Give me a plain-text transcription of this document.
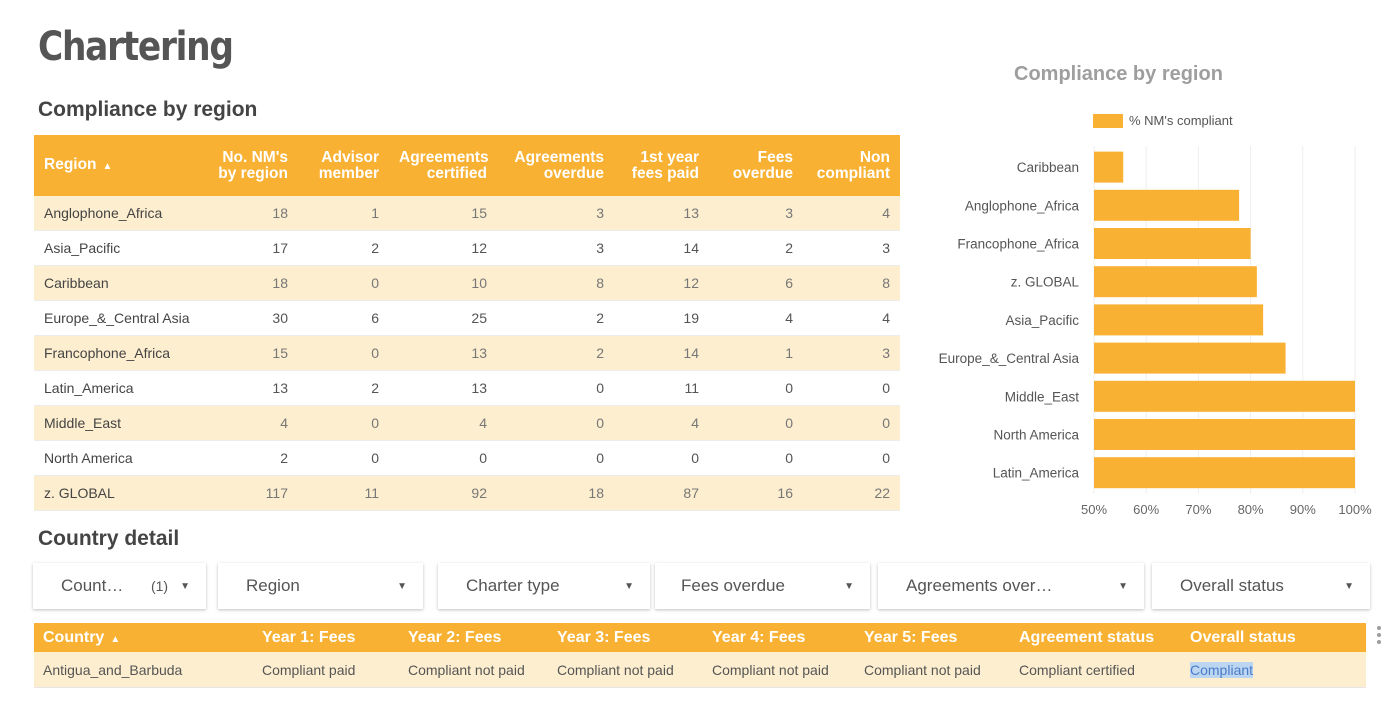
Chartering
Compliance by region
Region ▲	No. NM's by region	Advisor member	Agreements certified	Agreements overdue	1st year fees paid	Fees overdue	Non compliant
Anglophone_Africa	18	1	15	3	13	3	4
Asia_Pacific	17	2	12	3	14	2	3
Caribbean	18	0	10	8	12	6	8
Europe_&_Central Asia	30	6	25	2	19	4	4
Francophone_Africa	15	0	13	2	14	1	3
Latin_America	13	2	13	0	11	0	0
Middle_East	4	0	4	0	4	0	0
North America	2	0	0	0	0	0	0
z. GLOBAL	117	11	92	18	87	16	22
Compliance by region
% NM's compliant
50% 60% 70% 80% 90% 100%
Caribbean
Anglophone_Africa
Francophone_Africa
z. GLOBAL
Asia_Pacific
Europe_&_Central Asia
Middle_East
North America
Latin_America
Country detail
Count…	(1) ▼	Region	▼	Charter type	▼	Fees overdue	▼	Agreements over…	▼	Overall status	▼
Country ▲	Year 1: Fees	Year 2: Fees	Year 3: Fees	Year 4: Fees	Year 5: Fees	Agreement status	Overall status
Antigua_and_Barbuda	Compliant paid	Compliant not paid	Compliant not paid	Compliant not paid	Compliant not paid	Compliant certified	Compliant
